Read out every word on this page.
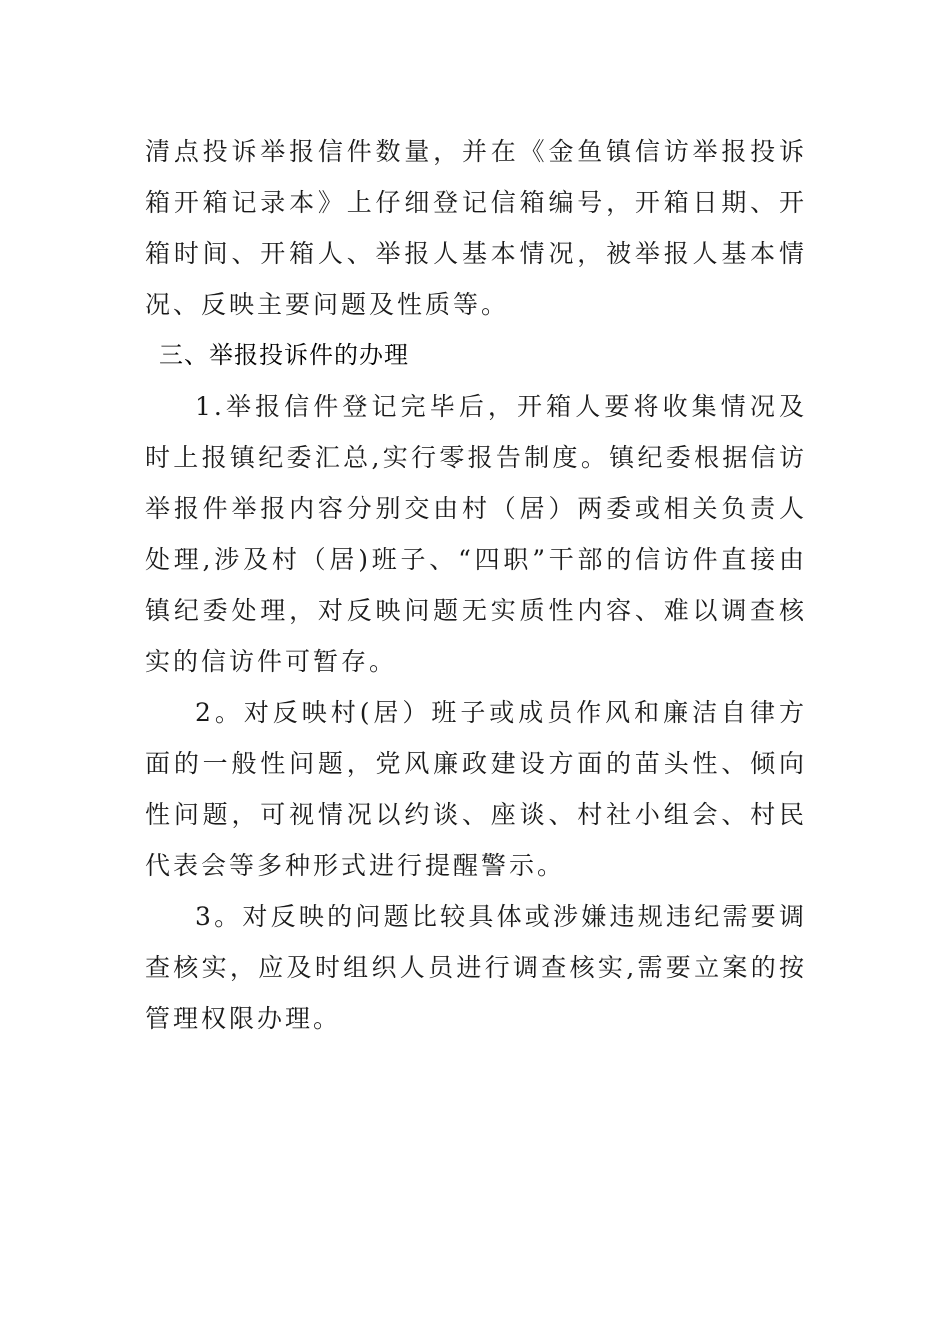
清点投诉举报信件数量，并在《金鱼镇信访举报投诉箱开箱记录本》上仔细登记信箱编号，开箱日期、开箱时间、开箱人、举报人基本情况，被举报人基本情况、反映主要问题及性质等。

三、举报投诉件的办理

1.举报信件登记完毕后，开箱人要将收集情况及时上报镇纪委汇总,实行零报告制度。镇纪委根据信访举报件举报内容分别交由村（居）两委或相关负责人处理,涉及村（居)班子、“四职”干部的信访件直接由镇纪委处理，对反映问题无实质性内容、难以调查核实的信访件可暂存。

2。对反映村(居）班子或成员作风和廉洁自律方面的一般性问题，党风廉政建设方面的苗头性、倾向性问题，可视情况以约谈、座谈、村社小组会、村民代表会等多种形式进行提醒警示。

3。对反映的问题比较具体或涉嫌违规违纪需要调查核实，应及时组织人员进行调查核实,需要立案的按管理权限办理。
